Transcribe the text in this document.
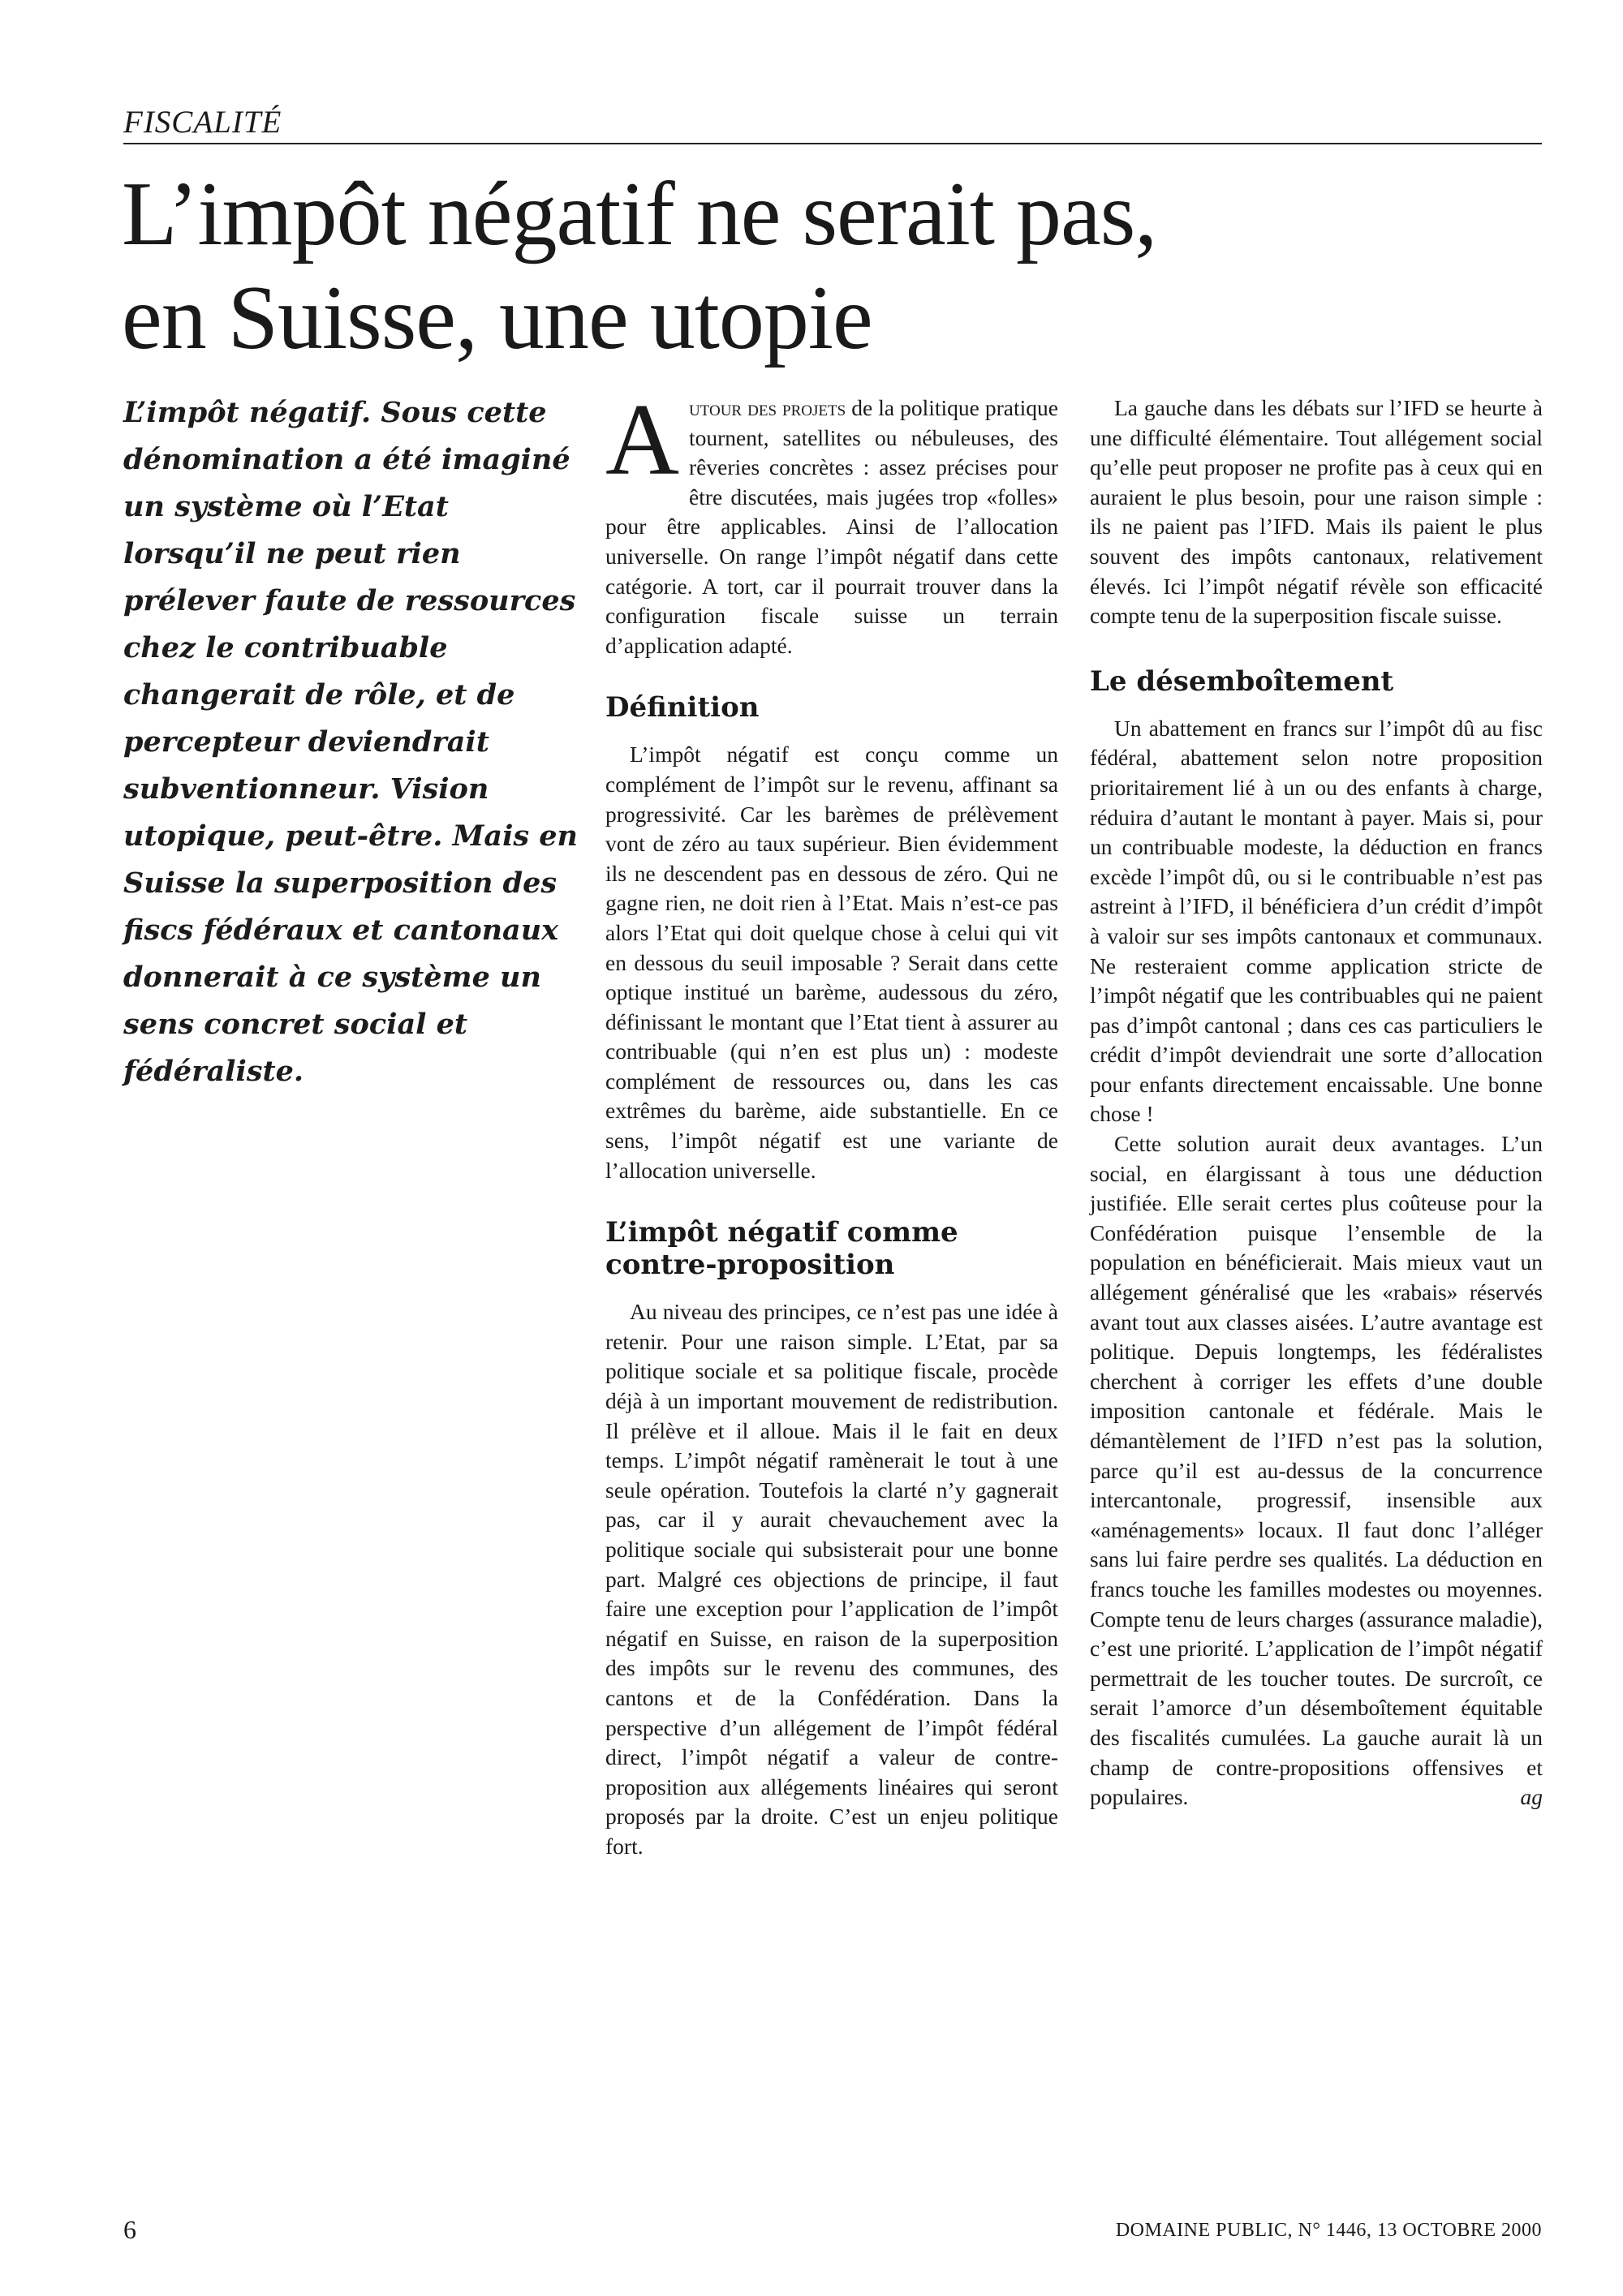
FISCALITÉ
L’impôt négatif ne serait pas,
en Suisse, une utopie

L’impôt négatif. Sous cette dénomination a été imaginé un système où l’Etat lorsqu’il ne peut rien prélever faute de ressources chez le contribuable changerait de rôle, et de percepteur deviendrait subventionneur. Vision utopique, peut-être. Mais en Suisse la superposition des fiscs fédéraux et cantonaux donnerait à ce système un sens concret social et fédéraliste.

Autour des projets de la politique pratique tournent, satellites ou nébuleuses, des rêveries concrètes : assez précises pour être discutées, mais jugées trop «folles» pour être applicables. Ainsi de l’allocation universelle. On range l’impôt négatif dans cette catégorie. A tort, car il pourrait trouver dans la configuration fiscale suisse un terrain d’application adapté.

Définition

L’impôt négatif est conçu comme un complément de l’impôt sur le revenu, affinant sa progressivité. Car les barèmes de prélèvement vont de zéro au taux supérieur. Bien évidemment ils ne descendent pas en dessous de zéro. Qui ne gagne rien, ne doit rien à l’Etat. Mais n’est-ce pas alors l’Etat qui doit quelque chose à celui qui vit en dessous du seuil imposable ? Serait dans cette optique institué un barème, audessous du zéro, définissant le montant que l’Etat tient à assurer au contribuable (qui n’en est plus un) : modeste complément de ressources ou, dans les cas extrêmes du barème, aide substantielle. En ce sens, l’impôt négatif est une variante de l’allocation universelle.

L’impôt négatif comme contre-proposition

Au niveau des principes, ce n’est pas une idée à retenir. Pour une raison simple. L’Etat, par sa politique sociale et sa politique fiscale, procède déjà à un important mouvement de redistribution. Il prélève et il alloue. Mais il le fait en deux temps. L’impôt négatif ramènerait le tout à une seule opération. Toutefois la clarté n’y gagnerait pas, car il y aurait chevauchement avec la politique sociale qui subsisterait pour une bonne part. Malgré ces objections de principe, il faut faire une exception pour l’application de l’impôt négatif en Suisse, en raison de la superposition des impôts sur le revenu des communes, des cantons et de la Confédération. Dans la perspective d’un allégement de l’impôt fédéral direct, l’impôt négatif a valeur de contre-proposition aux allégements linéaires qui seront proposés par la droite. C’est un enjeu politique fort.

La gauche dans les débats sur l’IFD se heurte à une difficulté élémentaire. Tout allégement social qu’elle peut proposer ne profite pas à ceux qui en auraient le plus besoin, pour une raison simple : ils ne paient pas l’IFD. Mais ils paient le plus souvent des impôts cantonaux, relativement élevés. Ici l’impôt négatif révèle son efficacité compte tenu de la superposition fiscale suisse.

Le désemboîtement

Un abattement en francs sur l’impôt dû au fisc fédéral, abattement selon notre proposition prioritairement lié à un ou des enfants à charge, réduira d’autant le montant à payer. Mais si, pour un contribuable modeste, la déduction en francs excède l’impôt dû, ou si le contribuable n’est pas astreint à l’IFD, il bénéficiera d’un crédit d’impôt à valoir sur ses impôts cantonaux et communaux. Ne resteraient comme application stricte de l’impôt négatif que les contribuables qui ne paient pas d’impôt cantonal ; dans ces cas particuliers le crédit d’impôt deviendrait une sorte d’allocation pour enfants directement encaissable. Une bonne chose !

Cette solution aurait deux avantages. L’un social, en élargissant à tous une déduction justifiée. Elle serait certes plus coûteuse pour la Confédération puisque l’ensemble de la population en bénéficierait. Mais mieux vaut un allégement généralisé que les «rabais» réservés avant tout aux classes aisées. L’autre avantage est politique. Depuis longtemps, les fédéralistes cherchent à corriger les effets d’une double imposition cantonale et fédérale. Mais le démantèlement de l’IFD n’est pas la solution, parce qu’il est au-dessus de la concurrence intercantonale, progressif, insensible aux «aménagements» locaux. Il faut donc l’alléger sans lui faire perdre ses qualités. La déduction en francs touche les familles modestes ou moyennes. Compte tenu de leurs charges (assurance maladie), c’est une priorité. L’application de l’impôt négatif permettrait de les toucher toutes. De surcroît, ce serait l’amorce d’un désemboîtement équitable des fiscalités cumulées. La gauche aurait là un champ de contre-propositions offensives et populaires.	ag

6	DOMAINE PUBLIC, N° 1446, 13 OCTOBRE 2000
